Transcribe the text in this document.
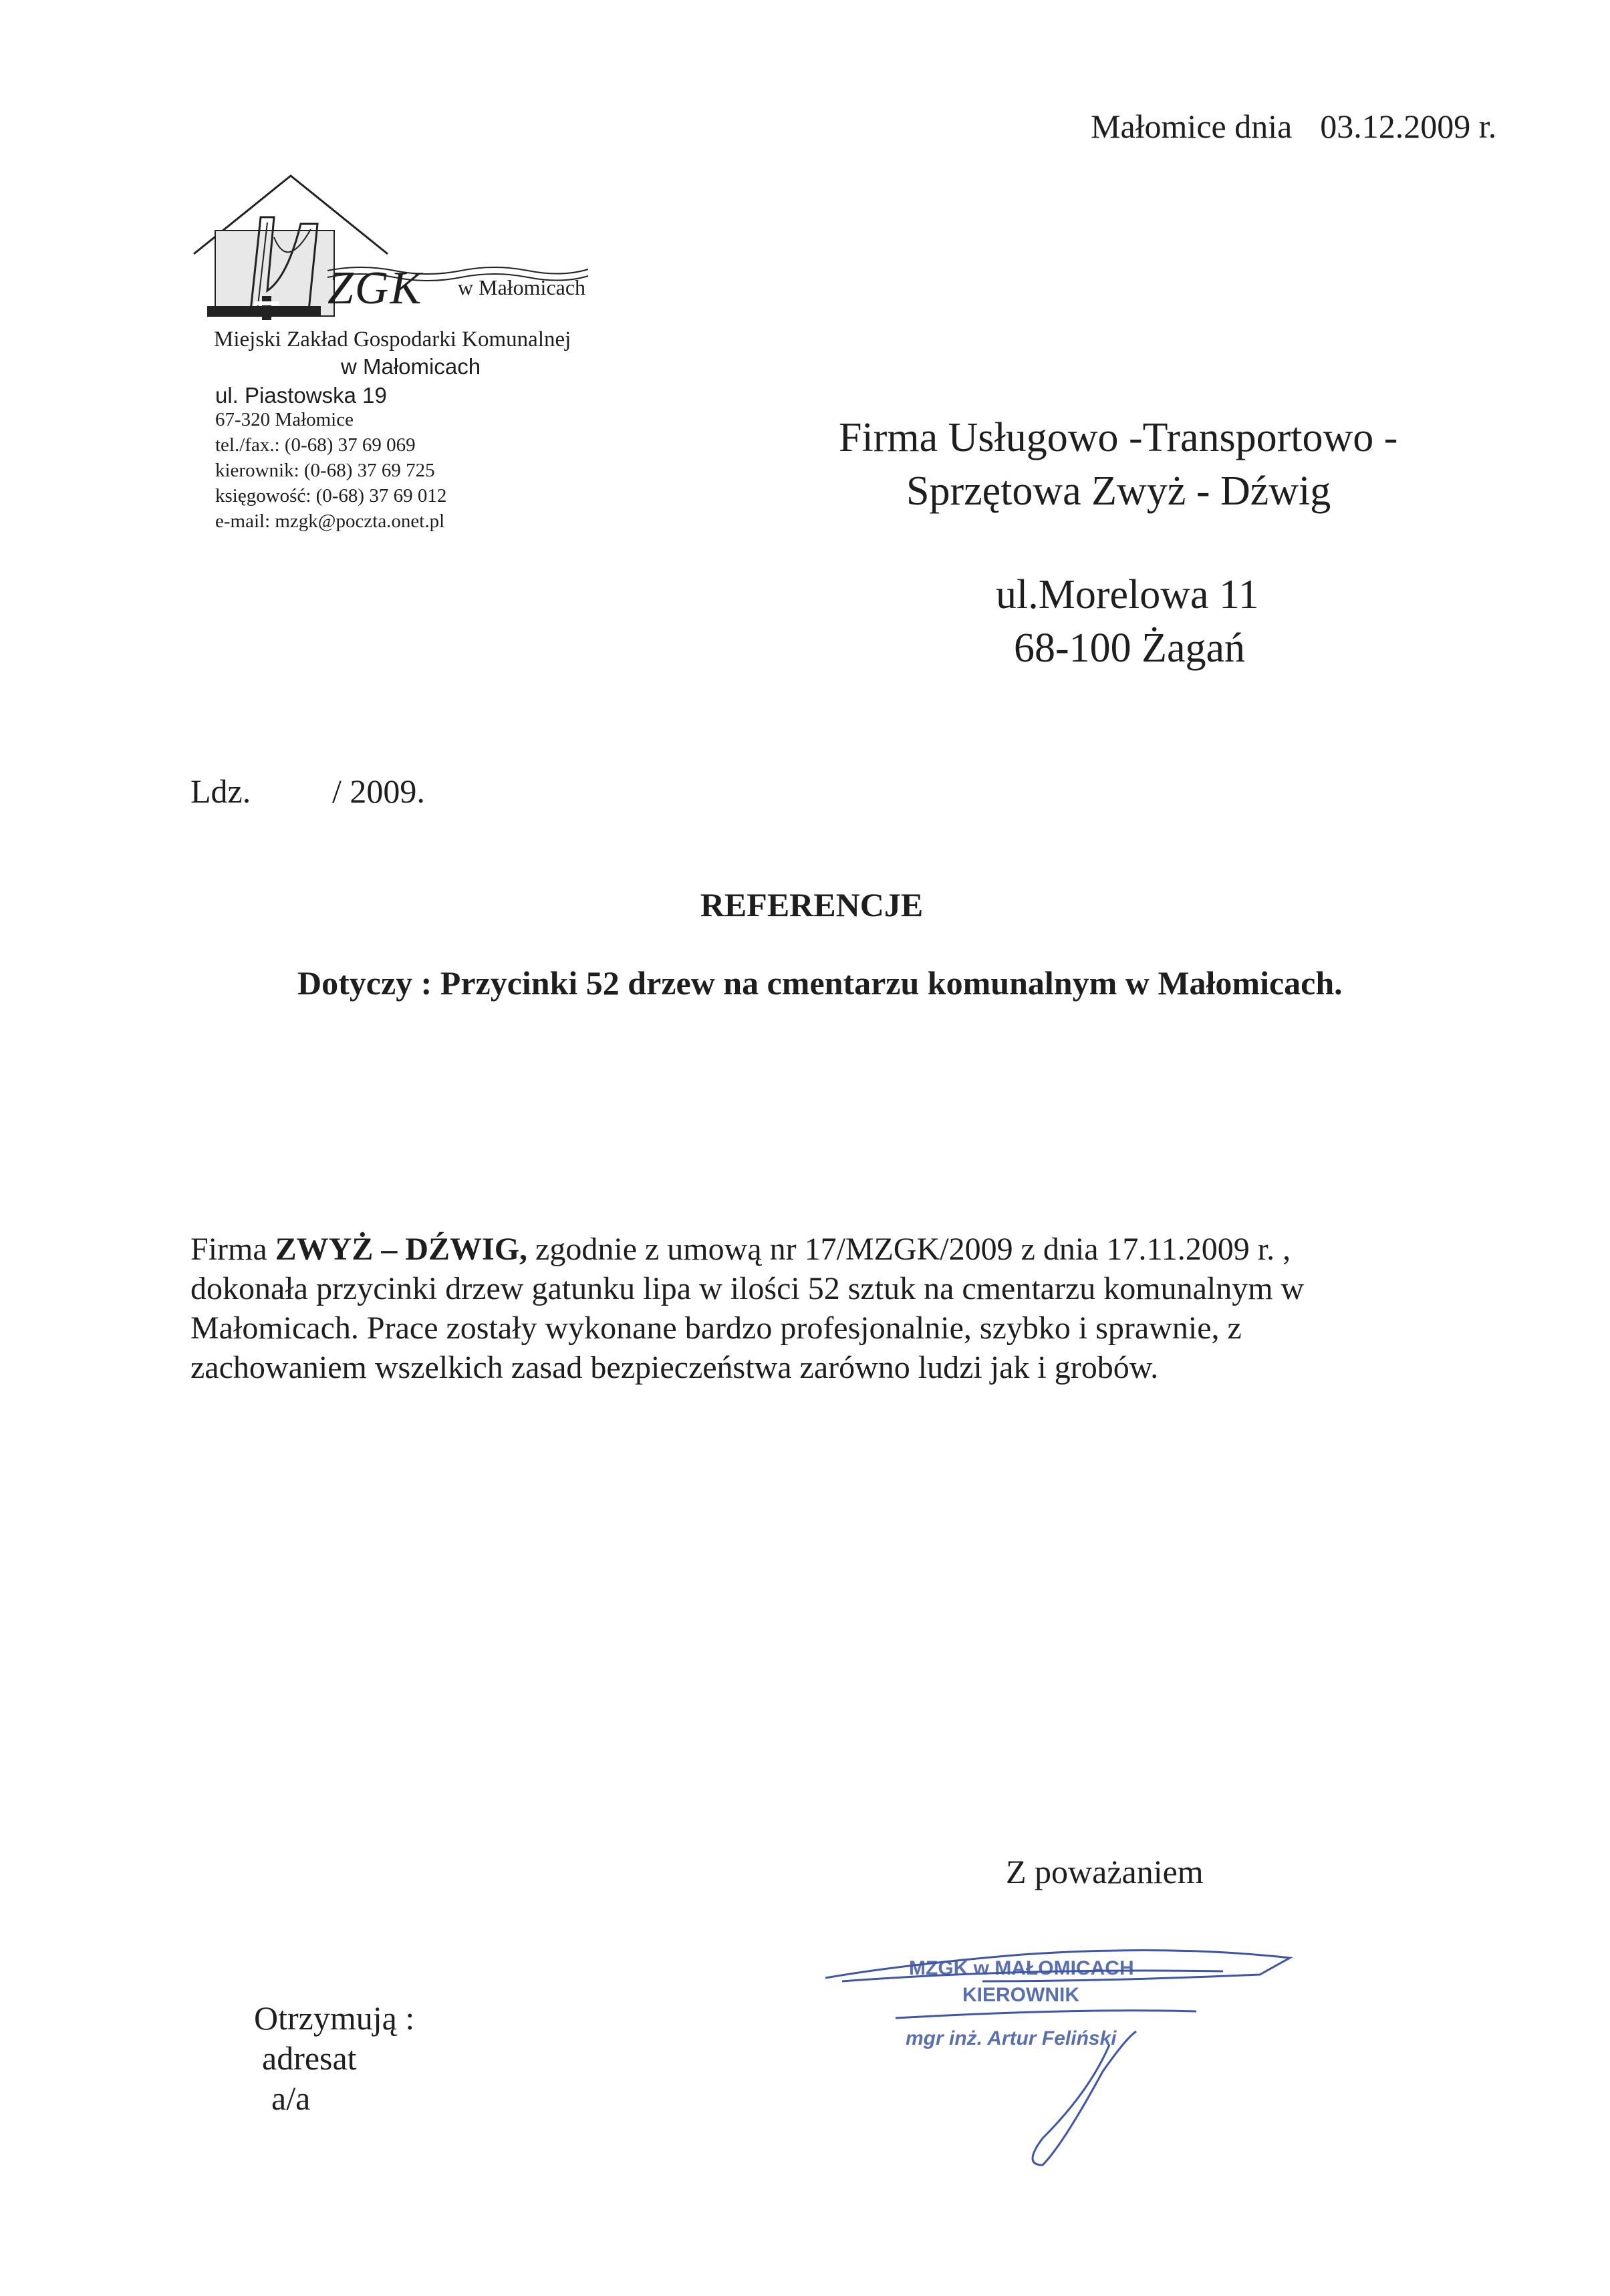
Małomice dnia 03.12.2009 r.
ZGK w Małomicach
Miejski Zakład Gospodarki Komunalnej
w Małomicach
ul. Piastowska 19
67-320 Małomice
tel./fax.: (0-68) 37 69 069
kierownik: (0-68) 37 69 725
księgowość: (0-68) 37 69 012
e-mail: mzgk@poczta.onet.pl
Firma Usługowo -Transportowo -
Sprzętowa Zwyż - Dźwig
ul.Morelowa 11
68-100 Żagań
Ldz. / 2009.
REFERENCJE
Dotyczy : Przycinki 52 drzew na cmentarzu komunalnym w Małomicach.

Firma ZWYŻ – DŹWIG, zgodnie z umową nr 17/MZGK/2009 z dnia 17.11.2009 r. ,

dokonała przycinki drzew gatunku lipa w ilości 52 sztuk na cmentarzu komunalnym w

Małomicach. Prace zostały wykonane bardzo profesjonalnie, szybko i sprawnie, z

zachowaniem wszelkich zasad bezpieczeństwa zarówno ludzi jak i grobów.

Z poważaniem
Otrzymują :
adresat
a/a
MZGK w MAŁOMICACH
KIEROWNIK
mgr inż. Artur Feliński
